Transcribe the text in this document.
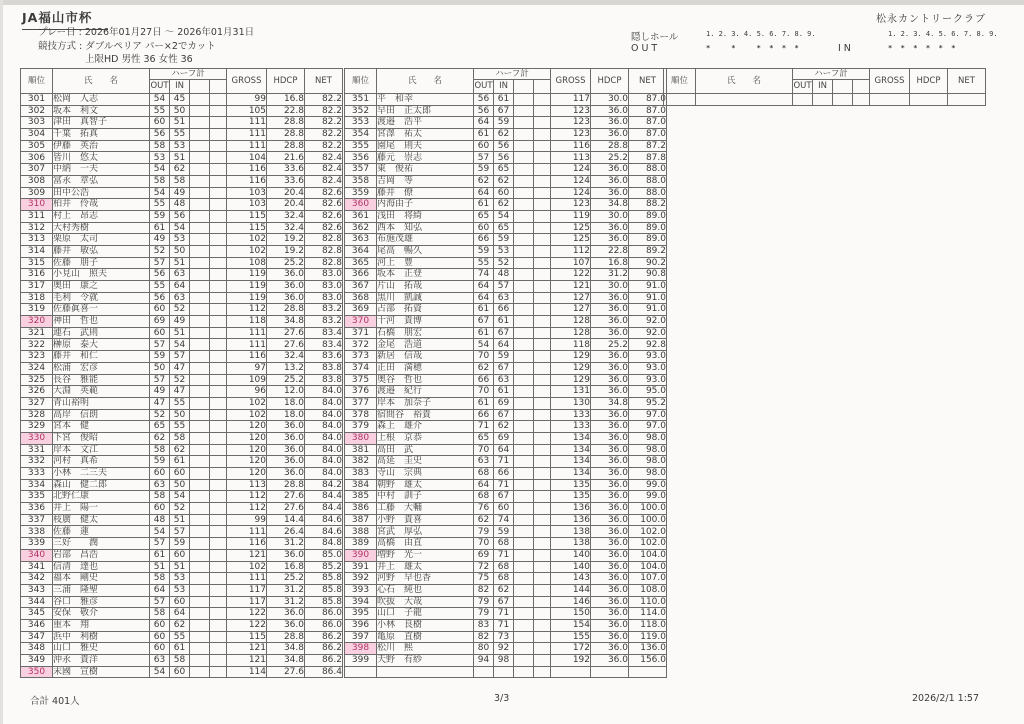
JA福山市杯	松永カントリークラブ
プレー日 : 2026年01月27日 〜 2026年01月31日
競技方式 : ダブルペリア パー×2でカット
上限HD 男性 36 女性 36
隠しホール	1. 2. 3. 4. 5. 6. 7. 8. 9.	1. 2. 3. 4. 5. 6. 7. 8. 9.
OUT	*     *     *  *  *  *	IN	*  *  *  *  *  *
順位	氏　　名	ハーフ計				GROSS	HDCP	NET
		OUT	IN					
301	松岡　人志	54	45			99	16.8	82.2
302	坂本　利文	55	50			105	22.8	82.2
303	津田　真智子	60	51			111	28.8	82.2
304	千葉　拓真	56	55			111	28.8	82.2
305	伊藤　英治	58	53			111	28.8	82.2
306	皆川　悠太	53	51			104	21.6	82.4
307	中納　一夫	54	62			116	33.6	82.4
308	富永　章弘	58	58			116	33.6	82.4
309	田中公浩	54	49			103	20.4	82.6
310	柏井　伶哉	55	48			103	20.4	82.6
311	村上　昂志	59	56			115	32.4	82.6
312	大村秀樹	61	54			115	32.4	82.6
313	栗原　太司	49	53			102	19.2	82.8
314	藤井　敏弘	52	50			102	19.2	82.8
315	佐藤　朋子	57	51			108	25.2	82.8
316	小見山　照夫	56	63			119	36.0	83.0
317	奥田　康之	55	64			119	36.0	83.0
318	毛利　令就	56	63			119	36.0	83.0
319	佐藤眞喜一	60	52			112	28.8	83.2
320	神田　哲也	69	49			118	34.8	83.2
321	連石　武則	60	51			111	27.6	83.4
322	榊原　泰大	57	54			111	27.6	83.4
323	藤井　和仁	59	57			116	32.4	83.6
324	松浦　宏彦	50	47			97	13.2	83.8
325	長谷　雅能	57	52			109	25.2	83.8
326	大淵　英範	49	47			96	12.0	84.0
327	青山裕明	47	55			102	18.0	84.0
328	高岸　信朗	52	50			102	18.0	84.0
329	宮本　健	65	55			120	36.0	84.0
330	下宮　俊昭	62	58			120	36.0	84.0
331	岸本　文江	58	62			120	36.0	84.0
332	河村　真希	59	61			120	36.0	84.0
333	小林　二三夫	60	60			120	36.0	84.0
334	森山　健二郎	63	50			113	28.8	84.2
335	北野仁康	58	54			112	27.6	84.4
336	井上　陽一	60	52			112	27.6	84.4
337	枝廣　健太	48	51			99	14.4	84.6
338	佐藤　蓮	54	57			111	26.4	84.6
339	三好　　潤	57	59			116	31.2	84.8
340	岩部　昌浩	61	60			121	36.0	85.0
341	信清　達也	51	51			102	16.8	85.2
342	福本　剛史	58	53			111	25.2	85.8
343	三浦　隆聖	64	53			117	31.2	85.8
344	谷口　雅彦	57	60			117	31.2	85.8
345	安保　敬介	58	64			122	36.0	86.0
346	重本　翔	60	62			122	36.0	86.0
347	浜中　利樹	60	55			115	28.8	86.2
348	山口　雅史	60	61			121	34.8	86.2
349	沖永　貴洋	63	58			121	34.8	86.2
350	末國　宣樹	54	60			114	27.6	86.4
順位	氏　　名	ハーフ計				GROSS	HDCP	NET
		OUT	IN					
351	平　和幸	56	61			117	30.0	87.0
352	早田　正太郎	56	67			123	36.0	87.0
353	渡邉　浩平	64	59			123	36.0	87.0
354	宮澤　祐太	61	62			123	36.0	87.0
355	園尾　則夫	60	56			116	28.8	87.2
356	藤元　崇志	57	56			113	25.2	87.8
357	東　俊祐	59	65			124	36.0	88.0
358	吉岡　等	62	62			124	36.0	88.0
359	藤井　僚	64	60			124	36.0	88.0
360	内海由子	61	62			123	34.8	88.2
361	浅田　将綺	65	54			119	30.0	89.0
362	西本　知弘	60	65			125	36.0	89.0
363	布施茂雄	66	59			125	36.0	89.0
364	尾高　暢久	59	53			112	22.8	89.2
365	河上　豊	55	52			107	16.8	90.2
366	坂本　正登	74	48			122	31.2	90.8
367	片山　拓哉	64	57			121	30.0	91.0
368	黒川　凱誠	64	63			127	36.0	91.0
369	占部　拓資	61	66			127	36.0	91.0
370	十河　貴博	67	61			128	36.0	92.0
371	石橋　朋宏	61	67			128	36.0	92.0
372	金尾　浩道	54	64			118	25.2	92.8
373	新居　信哉	70	59			129	36.0	93.0
374	正田　満穂	62	67			129	36.0	93.0
375	奥谷　哲也	66	63			129	36.0	93.0
376	渡邉　紀行	70	61			131	36.0	95.0
377	岸本　加奈子	61	69			130	34.8	95.2
378	宿間谷　裕貴	66	67			133	36.0	97.0
379	森上　雄介	71	62			133	36.0	97.0
380	上根　京恭	65	69			134	36.0	98.0
381	高田　武	70	64			134	36.0	98.0
382	高延　圭史	63	71			134	36.0	98.0
383	寺山　宗典	68	66			134	36.0	98.0
384	朝野　雄太	64	71			135	36.0	99.0
385	中村　訓子	68	67			135	36.0	99.0
386	工藤　大輔	76	60			136	36.0	100.0
387	小野　貴喜	62	74			136	36.0	100.0
388	宮武　厚弘	79	59			138	36.0	102.0
389	高橋　由直	70	68			138	36.0	102.0
390	増野　光一	69	71			140	36.0	104.0
391	井上　雄太	72	68			140	36.0	104.0
392	河野　早也香	75	68			143	36.0	107.0
393	心石　純也	82	62			144	36.0	108.0
394	吹抜　大哉	79	67			146	36.0	110.0
395	山口　子龍	79	71			150	36.0	114.0
396	小林　良樹	83	71			154	36.0	118.0
397	亀原　直樹	82	73			155	36.0	119.0
398	松川　熙	80	92			172	36.0	136.0
399	天野　有紗	94	98			192	36.0	156.0

順位	氏　　名	ハーフ計				GROSS	HDCP	NET
		OUT	IN					

合計 401人	3/3	2026/2/1 1:57
